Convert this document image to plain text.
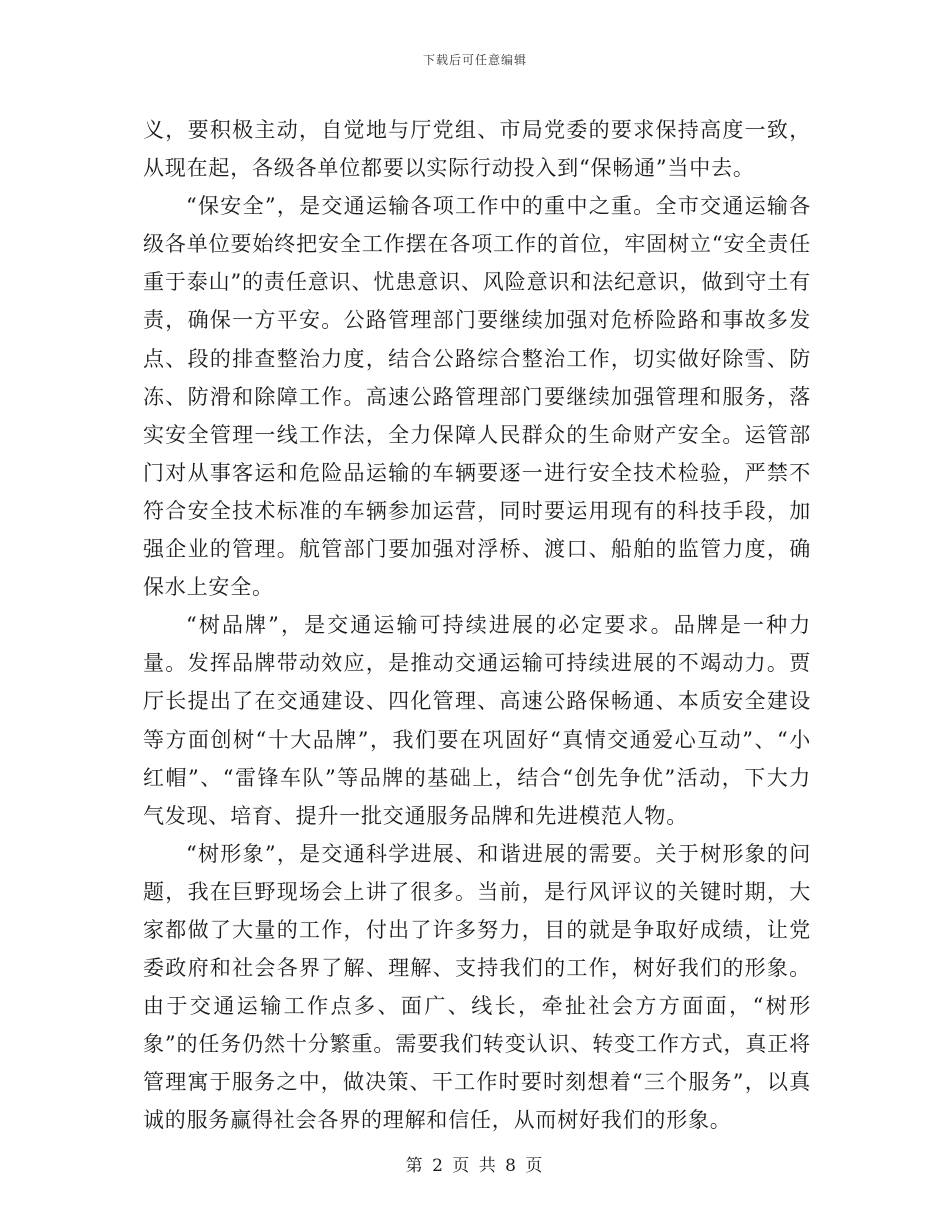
下载后可任意编辑

义，要积极主动，自觉地与厅党组、市局党委的要求保持高度一致，从现在起，各级各单位都要以实际行动投入到“保畅通”当中去。

“保安全”，是交通运输各项工作中的重中之重。全市交通运输各级各单位要始终把安全工作摆在各项工作的首位，牢固树立“安全责任重于泰山”的责任意识、忧患意识、风险意识和法纪意识，做到守土有责，确保一方平安。公路管理部门要继续加强对危桥险路和事故多发点、段的排查整治力度，结合公路综合整治工作，切实做好除雪、防冻、防滑和除障工作。高速公路管理部门要继续加强管理和服务，落实安全管理一线工作法，全力保障人民群众的生命财产安全。运管部门对从事客运和危险品运输的车辆要逐一进行安全技术检验，严禁不符合安全技术标准的车辆参加运营，同时要运用现有的科技手段，加强企业的管理。航管部门要加强对浮桥、渡口、船舶的监管力度，确保水上安全。

“树品牌”，是交通运输可持续进展的必定要求。品牌是一种力量。发挥品牌带动效应，是推动交通运输可持续进展的不竭动力。贾厅长提出了在交通建设、四化管理、高速公路保畅通、本质安全建设等方面创树“十大品牌”，我们要在巩固好“真情交通爱心互动”、“小红帽”、“雷锋车队”等品牌的基础上，结合“创先争优”活动，下大力气发现、培育、提升一批交通服务品牌和先进模范人物。

“树形象”，是交通科学进展、和谐进展的需要。关于树形象的问题，我在巨野现场会上讲了很多。当前，是行风评议的关键时期，大家都做了大量的工作，付出了许多努力，目的就是争取好成绩，让党委政府和社会各界了解、理解、支持我们的工作，树好我们的形象。由于交通运输工作点多、面广、线长，牵扯社会方方面面，“树形象”的任务仍然十分繁重。需要我们转变认识、转变工作方式，真正将管理寓于服务之中，做决策、干工作时要时刻想着“三个服务”，以真诚的服务赢得社会各界的理解和信任，从而树好我们的形象。

第 2 页 共 8 页
